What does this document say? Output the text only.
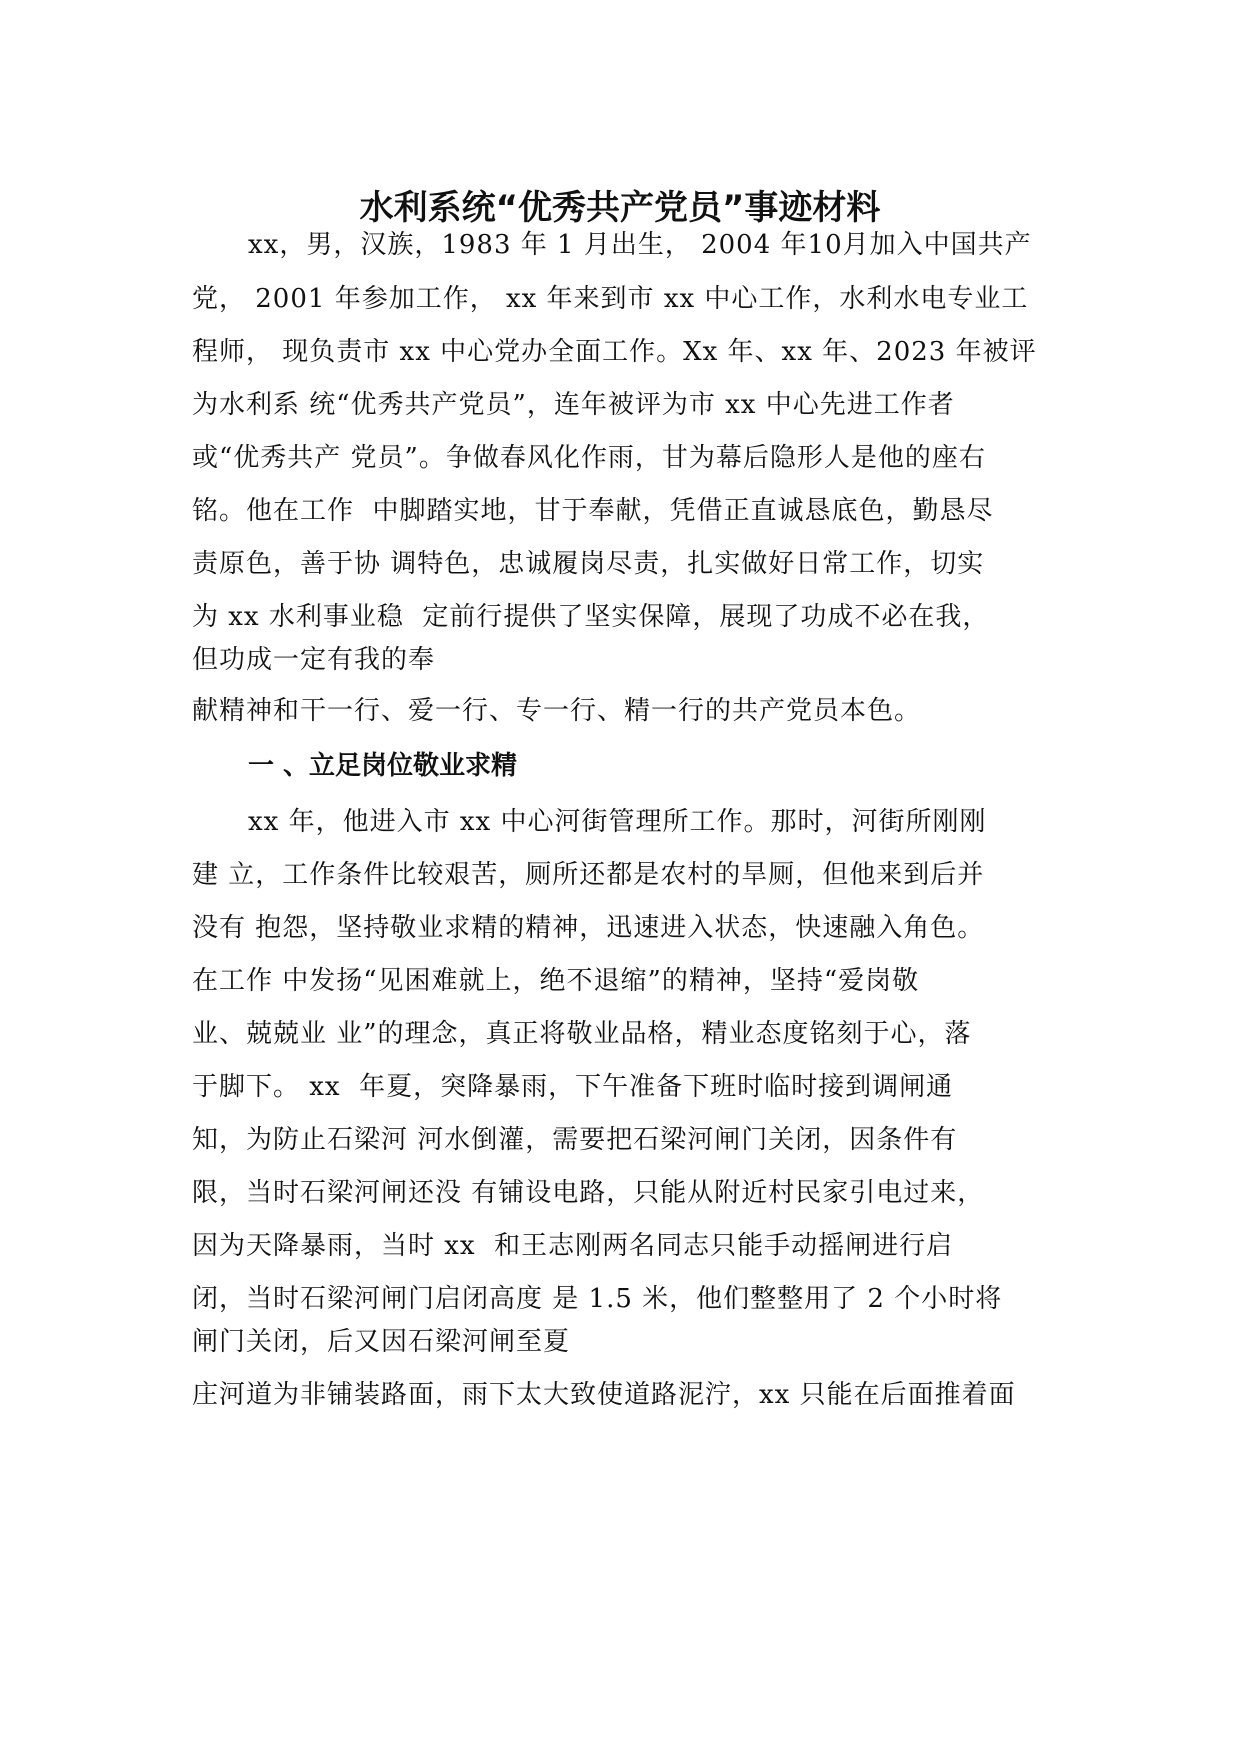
水利系统“优秀共产党员”事迹材料

xx，男，汉族，1983 年 1 月出生， 2004 年10月加入中国共产

党， 2001 年参加工作， xx 年来到市 xx 中心工作，水利水电专业工

程师， 现负责市 xx 中心党办全面工作。Xx 年、xx 年、2023 年被评

为水利系 统“优秀共产党员”，连年被评为市 xx 中心先进工作者

或“优秀共产 党员”。争做春风化作雨，甘为幕后隐形人是他的座右

铭。他在工作  中脚踏实地，甘于奉献，凭借正直诚恳底色，勤恳尽

责原色，善于协 调特色，忠诚履岗尽责，扎实做好日常工作，切实

为 xx 水利事业稳  定前行提供了坚实保障，展现了功成不必在我，

但功成一定有我的奉

献精神和干一行、爱一行、专一行、精一行的共产党员本色。

一 、立足岗位敬业求精

xx 年，他进入市 xx 中心河街管理所工作。那时，河街所刚刚

建 立，工作条件比较艰苦，厕所还都是农村的旱厕，但他来到后并

没有 抱怨，坚持敬业求精的精神，迅速进入状态，快速融入角色。

在工作 中发扬“见困难就上，绝不退缩”的精神，坚持“爱岗敬

业、兢兢业 业”的理念，真正将敬业品格，精业态度铭刻于心，落

于脚下。 xx  年夏，突降暴雨，下午准备下班时临时接到调闸通

知，为防止石梁河 河水倒灌，需要把石梁河闸门关闭，因条件有

限，当时石梁河闸还没 有铺设电路，只能从附近村民家引电过来，

因为天降暴雨，当时 xx  和王志刚两名同志只能手动摇闸进行启

闭，当时石梁河闸门启闭高度 是 1.5 米，他们整整用了 2 个小时将

闸门关闭，后又因石梁河闸至夏

庄河道为非铺装路面，雨下太大致使道路泥泞，xx 只能在后面推着面
